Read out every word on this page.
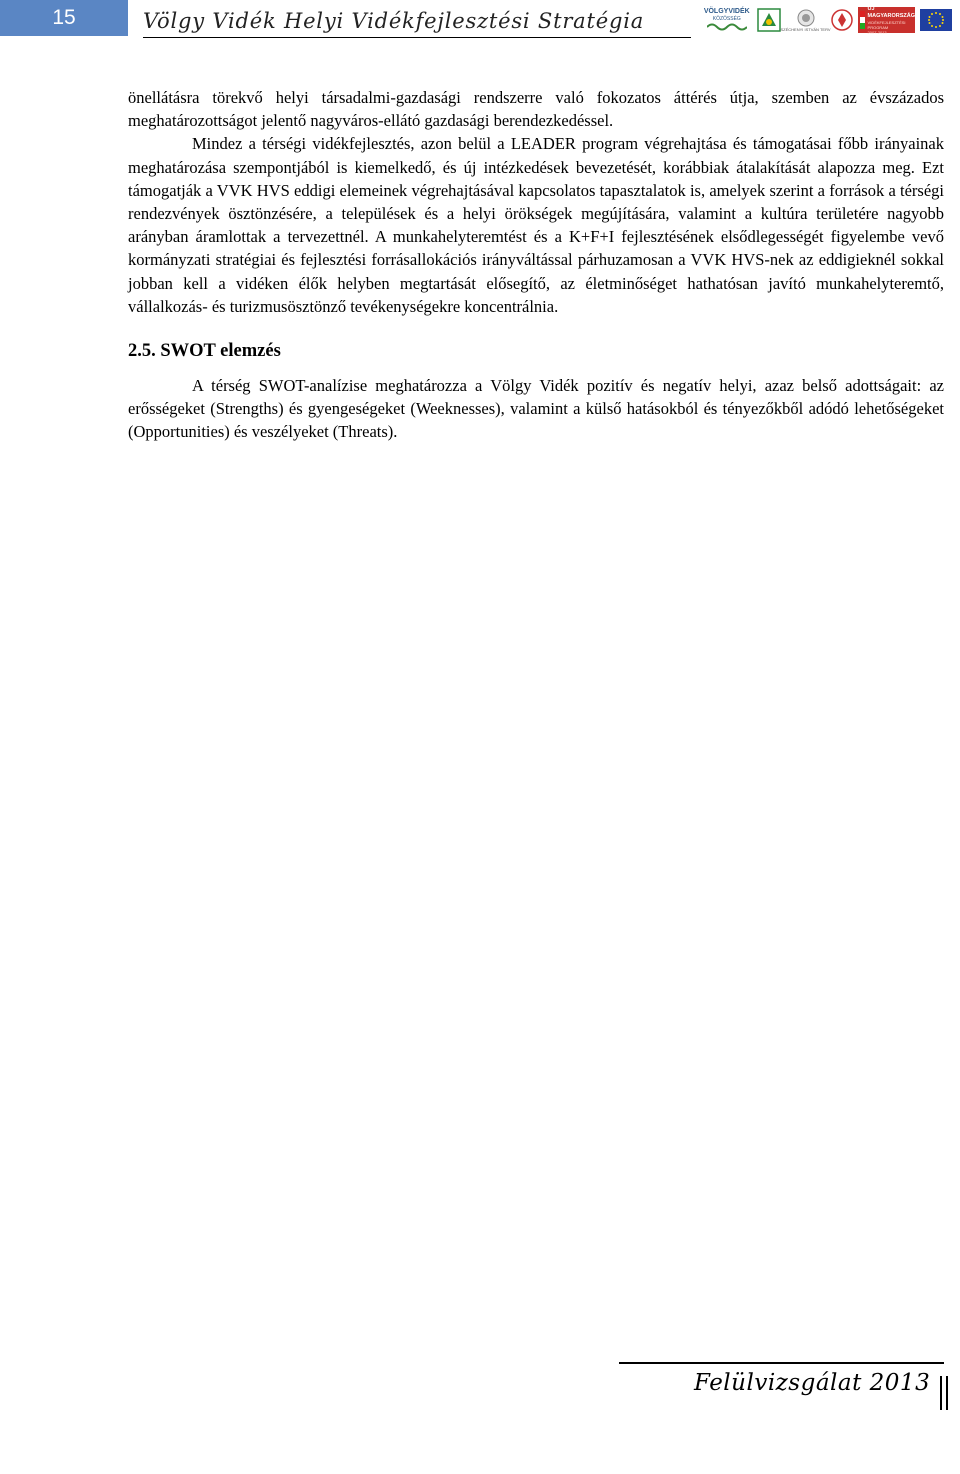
15	Völgy Vidék Helyi Vidékfejlesztési Stratégia	VÖLGYVIDÉK
KÖZÖSSÉG
SZÉCHENYI ISTVÁN TERV
ÚJ MAGYARORSZÁG
VIDÉKFEJLESZTÉSI PROGRAM
2007-2013

önellátásra törekvő helyi társadalmi-gazdasági rendszerre való fokozatos áttérés útja, szemben az évszázados meghatározottságot jelentő nagyváros-ellátó gazdasági berendezkedéssel.

Mindez a térségi vidékfejlesztés, azon belül a LEADER program végrehajtása és támogatásai főbb irányainak meghatározása szempontjából is kiemelkedő, és új intézkedések bevezetését, korábbiak átalakítását alapozza meg. Ezt támogatják a VVK HVS eddigi elemeinek végrehajtásával kapcsolatos tapasztalatok is, amelyek szerint a források a térségi rendezvények ösztönzésére, a települések és a helyi örökségek megújítására, valamint a kultúra területére nagyobb arányban áramlottak a tervezettnél. A munkahelyteremtést és a K+F+I fejlesztésének elsődlegességét figyelembe vevő kormányzati stratégiai és fejlesztési forrásallokációs irányváltással párhuzamosan a VVK HVS-nek az eddigieknél sokkal jobban kell a vidéken élők helyben megtartását elősegítő, az életminőséget hathatósan javító munkahelyteremtő, vállalkozás- és turizmusösztönző tevékenységekre koncentrálnia.

2.5. SWOT elemzés

A térség SWOT-analízise meghatározza a Völgy Vidék pozitív és negatív helyi, azaz belső adottságait: az erősségeket (Strengths) és gyengeségeket (Weeknesses), valamint a külső hatásokból és tényezőkből adódó lehetőségeket (Opportunities) és veszélyeket (Threats).

Felülvizsgálat 2013
